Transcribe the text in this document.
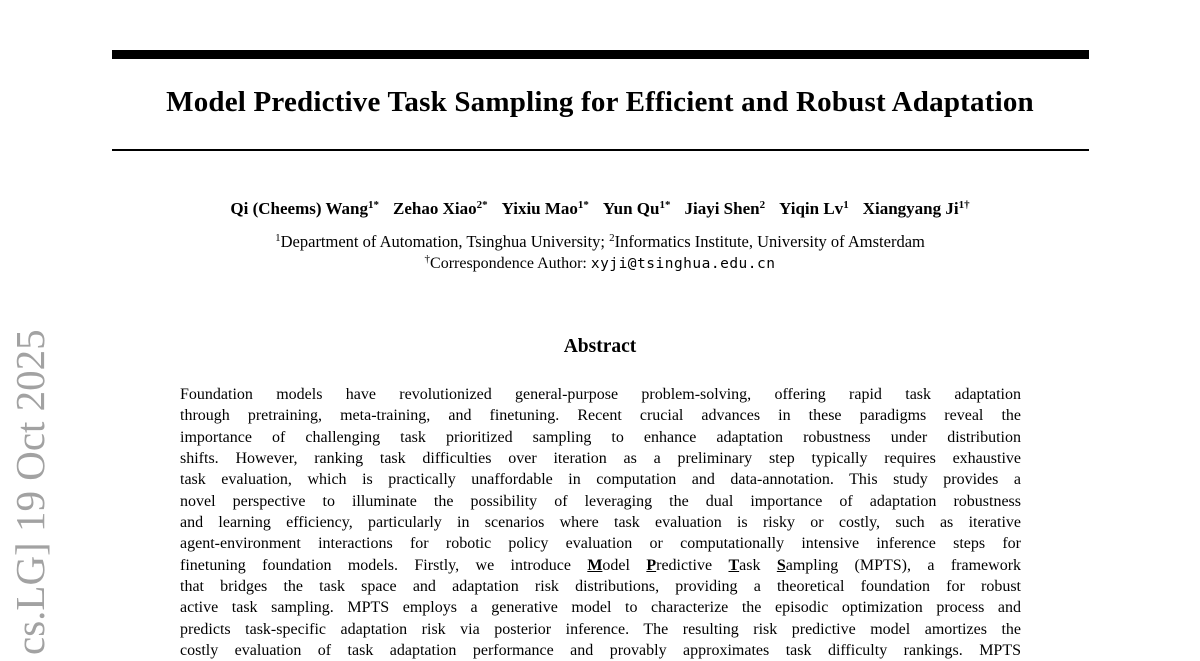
Model Predictive Task Sampling for Efficient and Robust Adaptation
Qi (Cheems) Wang$^{1*}$ Zehao Xiao$^{2*}$ Yixiu Mao$^{1*}$ Yun $Qu^{1*}$ Jiayi Shen$^2$ Yiqin Lv$^1$ Xiangyang $Ji^{1\dagger}$
$^1$Department of Automation, Tsinghua University; $^2$Informatics Institute, University of Amsterdam
†Correspondence Author: xyji@tsinghua.edu.cn
Abstract
Foundation models have revolutionized general-purpose problem-solving, offering rapid task adaptation
through pretraining, meta-training, and finetuning. Recent crucial advances in these paradigms reveal the
importance of challenging task prioritized sampling to enhance adaptation robustness under distribution
shifts. However, ranking task difficulties over iteration as a preliminary step typically requires exhaustive
task evaluation, which is practically unaffordable in computation and data-annotation. This study provides a
novel perspective to illuminate the possibility of leveraging the dual importance of adaptation robustness
and learning efficiency, particularly in scenarios where task evaluation is risky or costly, such as iterative
agent-environment interactions for robotic policy evaluation or computationally intensive inference steps for
finetuning foundation models. Firstly, we introduce Model Predictive Task Sampling (MPTS), a framework
that bridges the task space and adaptation risk distributions, providing a theoretical foundation for robust
active task sampling. MPTS employs a generative model to characterize the episodic optimization process and
predicts task-specific adaptation risk via posterior inference. The resulting risk predictive model amortizes the
costly evaluation of task adaptation performance and provably approximates task difficulty rankings. MPTS
cs.LG] 19 Oct 2025
